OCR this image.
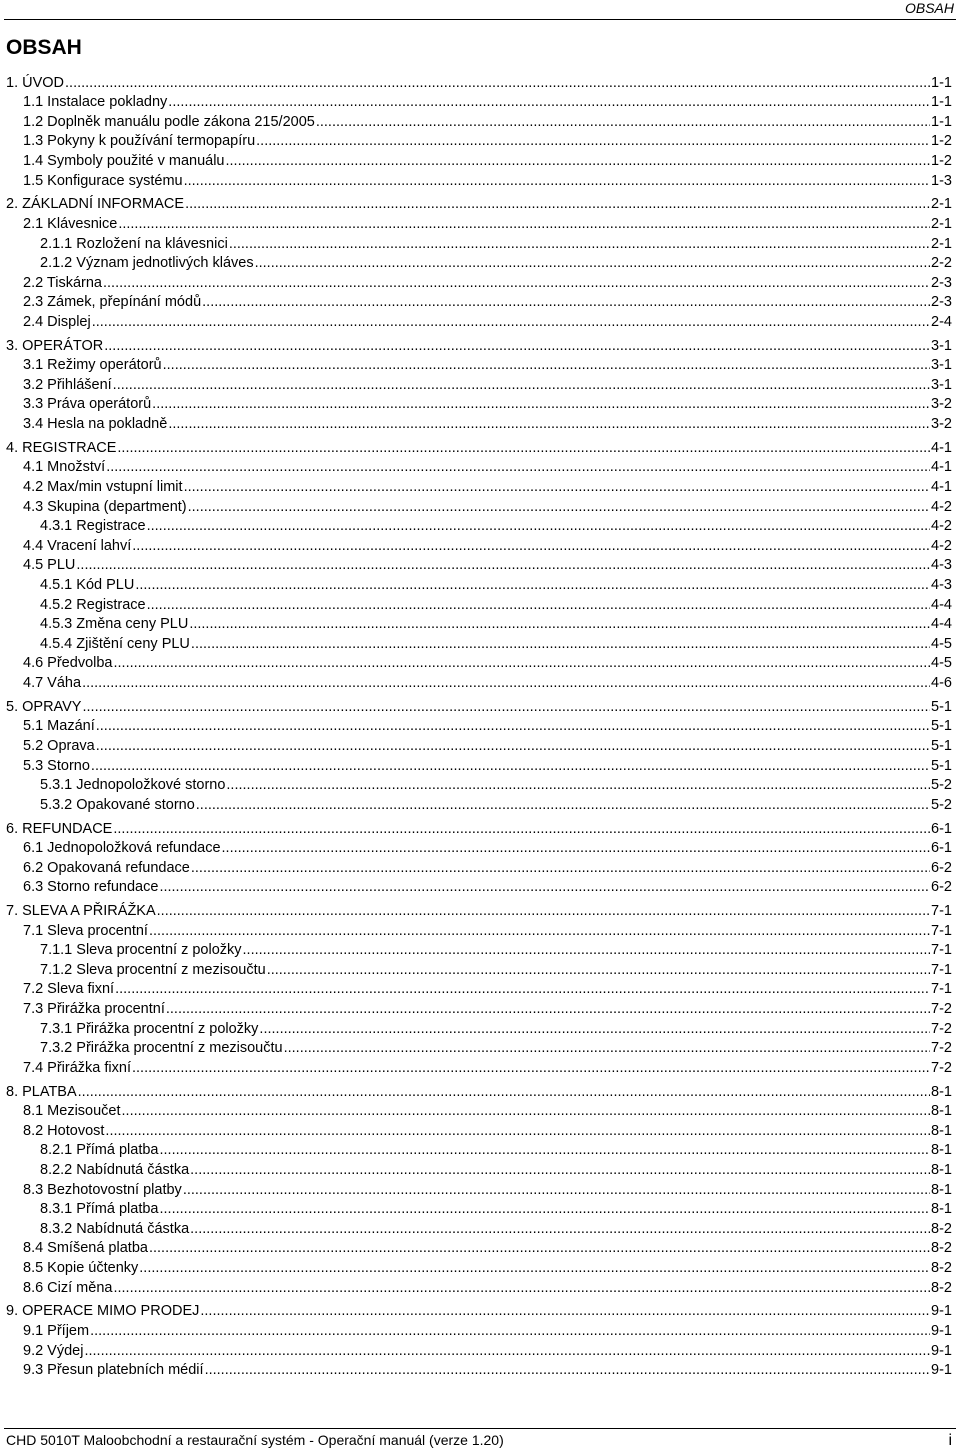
OBSAH
OBSAH
1. ÚVOD .....	1-1
1.1 Instalace pokladny .....	1-1
1.2 Doplněk manuálu podle zákona 215/2005 .....	1-1
1.3 Pokyny k používání termopapíru .....	1-2
1.4 Symboly použité v manuálu .....	1-2
1.5 Konfigurace systému .....	1-3
2. ZÁKLADNÍ INFORMACE .....	2-1
2.1 Klávesnice .....	2-1
2.1.1 Rozložení na klávesnici .....	2-1
2.1.2 Význam jednotlivých kláves .....	2-2
2.2 Tiskárna .....	2-3
2.3 Zámek, přepínání módů .....	2-3
2.4 Displej .....	2-4
3. OPERÁTOR .....	3-1
3.1 Režimy operátorů .....	3-1
3.2 Přihlášení .....	3-1
3.3 Práva operátorů .....	3-2
3.4 Hesla na pokladně .....	3-2
4. REGISTRACE .....	4-1
4.1 Množství .....	4-1
4.2 Max/min vstupní limit .....	4-1
4.3 Skupina (department) .....	4-2
4.3.1 Registrace .....	4-2
4.4 Vracení lahví .....	4-2
4.5 PLU .....	4-3
4.5.1 Kód PLU .....	4-3
4.5.2 Registrace .....	4-4
4.5.3 Změna ceny PLU .....	4-4
4.5.4 Zjištění ceny PLU .....	4-5
4.6 Předvolba .....	4-5
4.7 Váha .....	4-6
5. OPRAVY .....	5-1
5.1 Mazání .....	5-1
5.2 Oprava .....	5-1
5.3 Storno .....	5-1
5.3.1 Jednopoložkové storno .....	5-2
5.3.2 Opakované storno .....	5-2
6. REFUNDACE .....	6-1
6.1 Jednopoložková refundace .....	6-1
6.2 Opakovaná refundace .....	6-2
6.3 Storno refundace .....	6-2
7. SLEVA A PŘIRÁŽKA .....	7-1
7.1 Sleva procentní .....	7-1
7.1.1 Sleva procentní z položky .....	7-1
7.1.2 Sleva procentní z mezisoučtu .....	7-1
7.2 Sleva fixní .....	7-1
7.3 Přirážka procentní .....	7-2
7.3.1 Přirážka procentní z položky .....	7-2
7.3.2 Přirážka procentní z mezisoučtu .....	7-2
7.4 Přirážka fixní .....	7-2
8. PLATBA .....	8-1
8.1 Mezisoučet .....	8-1
8.2 Hotovost .....	8-1
8.2.1 Přímá platba .....	8-1
8.2.2 Nabídnutá částka .....	8-1
8.3 Bezhotovostní platby .....	8-1
8.3.1 Přímá platba .....	8-1
8.3.2 Nabídnutá částka .....	8-2
8.4 Smíšená platba .....	8-2
8.5 Kopie účtenky .....	8-2
8.6 Cizí měna .....	8-2
9. OPERACE MIMO PRODEJ .....	9-1
9.1 Příjem .....	9-1
9.2 Výdej .....	9-1
9.3 Přesun platebních médií .....	9-1
CHD 5010T Maloobchodní a restaurační systém - Operační manuál (verze 1.20)	i
